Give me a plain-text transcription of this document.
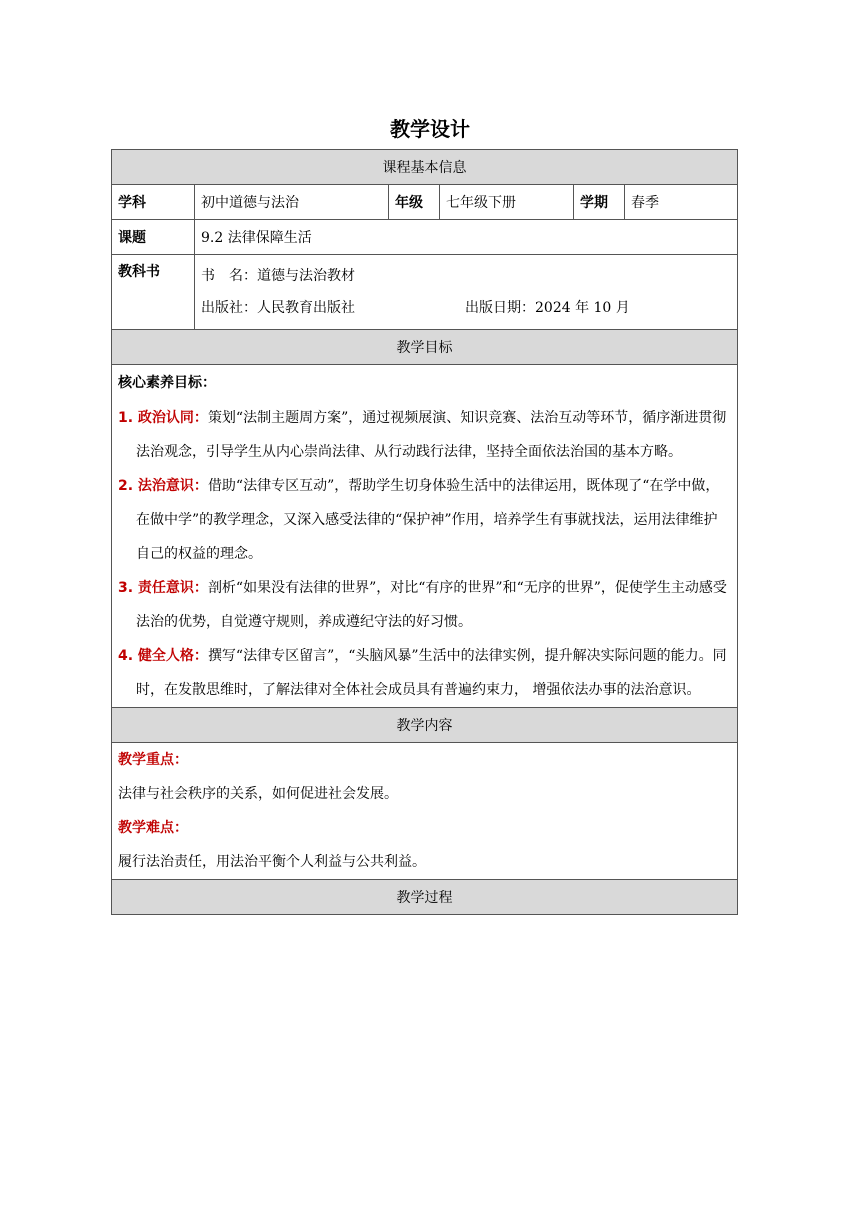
教学设计
课程基本信息					
学科	初中道德与法治	年级	七年级下册	学期	春季
课题	9.2 法律保障生活				
教科书	书　名：道德与法治教材
出版社：人民教育出版社 出版日期：2024 年 10 月				

教学目标					

核心素养目标：
1. 政治认同：策划“法制主题周方案”，通过视频展演、知识竞赛、法治互动等环节，循序渐进贯彻法治观念，引导学生从内心崇尚法律、从行动践行法律，坚持全面依法治国的基本方略。
2. 法治意识：借助“法律专区互动”，帮助学生切身体验生活中的法律运用，既体现了“在学中做，在做中学”的教学理念，又深入感受法律的“保护神”作用，培养学生有事就找法，运用法律维护自己的权益的理念。
3. 责任意识：剖析“如果没有法律的世界”，对比“有序的世界”和“无序的世界”，促使学生主动感受法治的优势，自觉遵守规则，养成遵纪守法的好习惯。
4. 健全人格：撰写“法律专区留言”，“头脑风暴”生活中的法律实例，提升解决实际问题的能力。同时，在发散思维时，了解法律对全体社会成员具有普遍约束力， 增强依法办事的法治意识。					

教学内容					

教学重点：
法律与社会秩序的关系，如何促进社会发展。
教学难点：
履行法治责任，用法治平衡个人利益与公共利益。					

教学过程					
